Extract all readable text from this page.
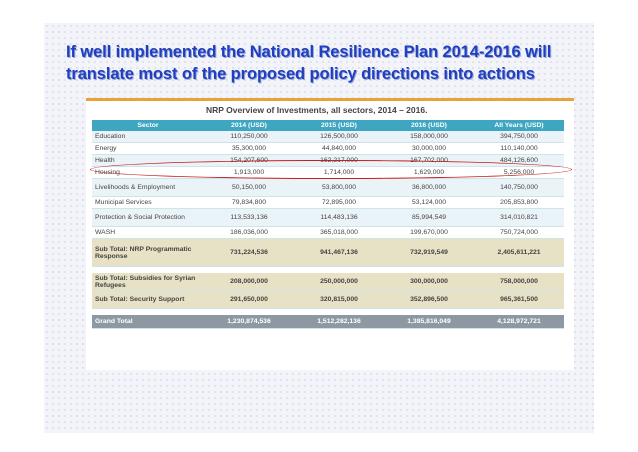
If well implemented the National Resilience Plan 2014-2016 will
translate most of the proposed policy directions into actions
NRP Overview of Investments, all sectors, 2014 – 2016.
Sector	2014 (USD)	2015 (USD)	2016 (USD)	All Years (USD)
Education	110,250,000	126,500,000	158,000,000	394,750,000
Energy	35,300,000	44,840,000	30,000,000	110,140,000
Health	154,207,600	162,217,000	167,702,000	484,126,600
Housing	1,913,000	1,714,000	1,629,000	5,256,000
Livelihoods & Employment	50,150,000	53,800,000	36,800,000	140,750,000
Municipal Services	79,834,800	72,895,000	53,124,000	205,853,800
Protection & Social Protection	113,533,136	114,483,136	85,994,549	314,010,821
WASH	186,036,000	365,018,000	199,670,000	750,724,000
Sub Total: NRP Programmatic Response	731,224,536	941,467,136	732,919,549	2,405,611,221

Sub Total: Subsidies for Syrian Refugees	208,000,000	250,000,000	300,000,000	758,000,000
Sub Total: Security Support	291,650,000	320,815,000	352,896,500	965,361,500

Grand Total	1,230,874,536	1,512,282,136	1,385,816,049	4,128,972,721
